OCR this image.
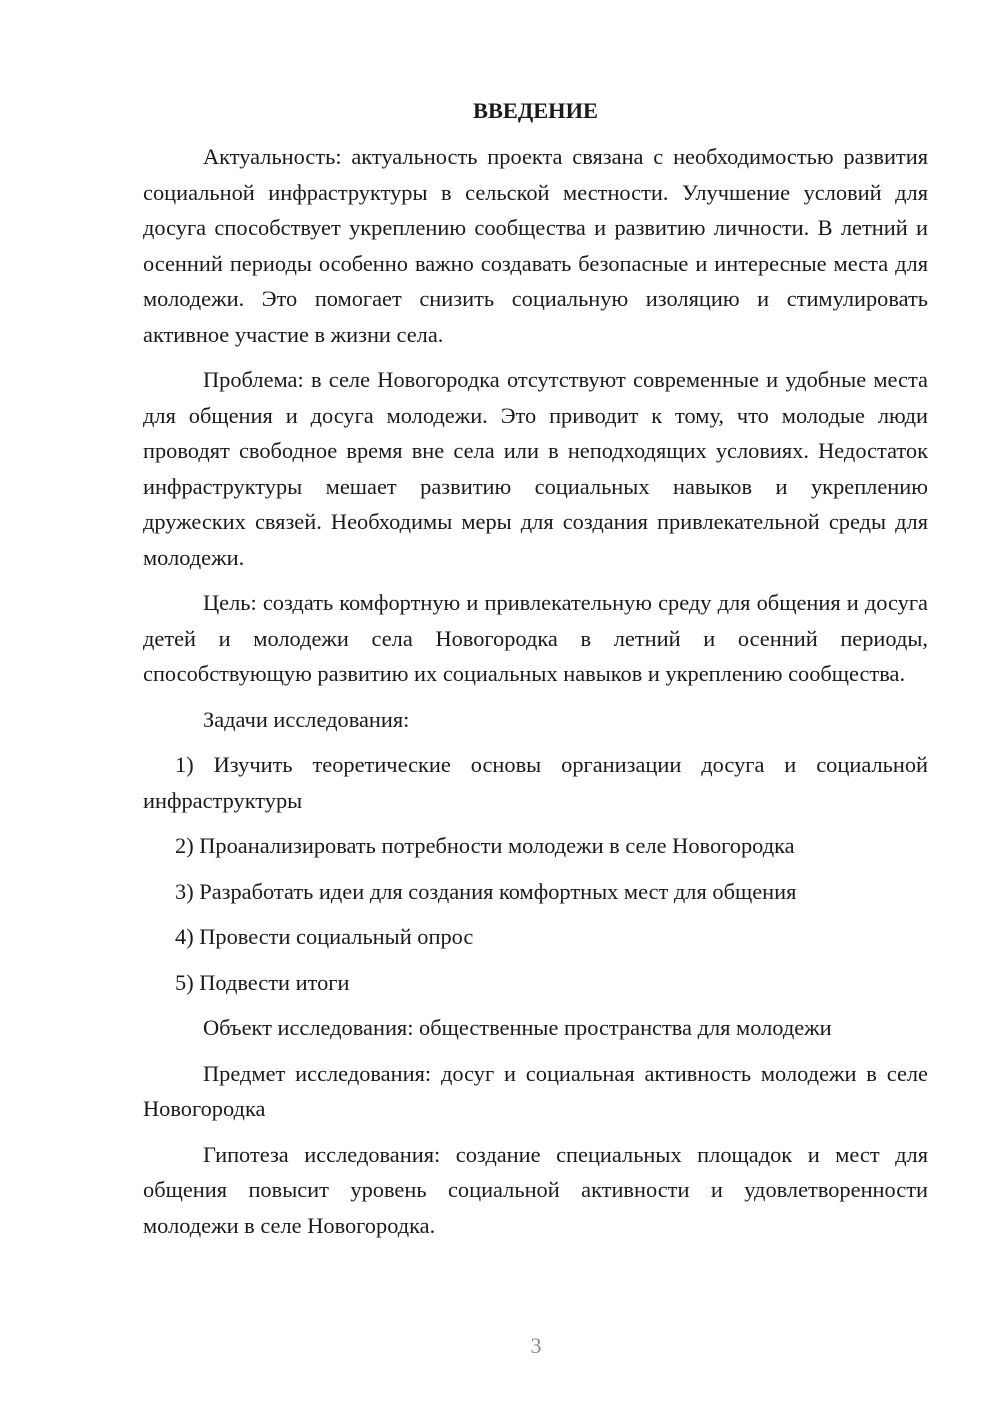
ВВЕДЕНИЕ

Актуальность: актуальность проекта связана с необходимостью развития социальной инфраструктуры в сельской местности. Улучшение условий для досуга способствует укреплению сообщества и развитию личности. В летний и осенний периоды особенно важно создавать безопасные и интересные места для молодежи. Это помогает снизить социальную изоляцию и стимулировать активное участие в жизни села.

Проблема: в селе Новогородка отсутствуют современные и удобные места для общения и досуга молодежи. Это приводит к тому, что молодые люди проводят свободное время вне села или в неподходящих условиях. Недостаток инфраструктуры мешает развитию социальных навыков и укреплению дружеских связей. Необходимы меры для создания привлекательной среды для молодежи.

Цель: создать комфортную и привлекательную среду для общения и досуга детей и молодежи села Новогородка в летний и осенний периоды, способствующую развитию их социальных навыков и укреплению сообщества.

Задачи исследования:

1) Изучить теоретические основы организации досуга и социальной инфраструктуры

2) Проанализировать потребности молодежи в селе Новогородка

3) Разработать идеи для создания комфортных мест для общения

4) Провести социальный опрос

5) Подвести итоги

Объект исследования: общественные пространства для молодежи

Предмет исследования: досуг и социальная активность молодежи в селе Новогородка

Гипотеза исследования: создание специальных площадок и мест для общения повысит уровень социальной активности и удовлетворенности молодежи в селе Новогородка.

3
